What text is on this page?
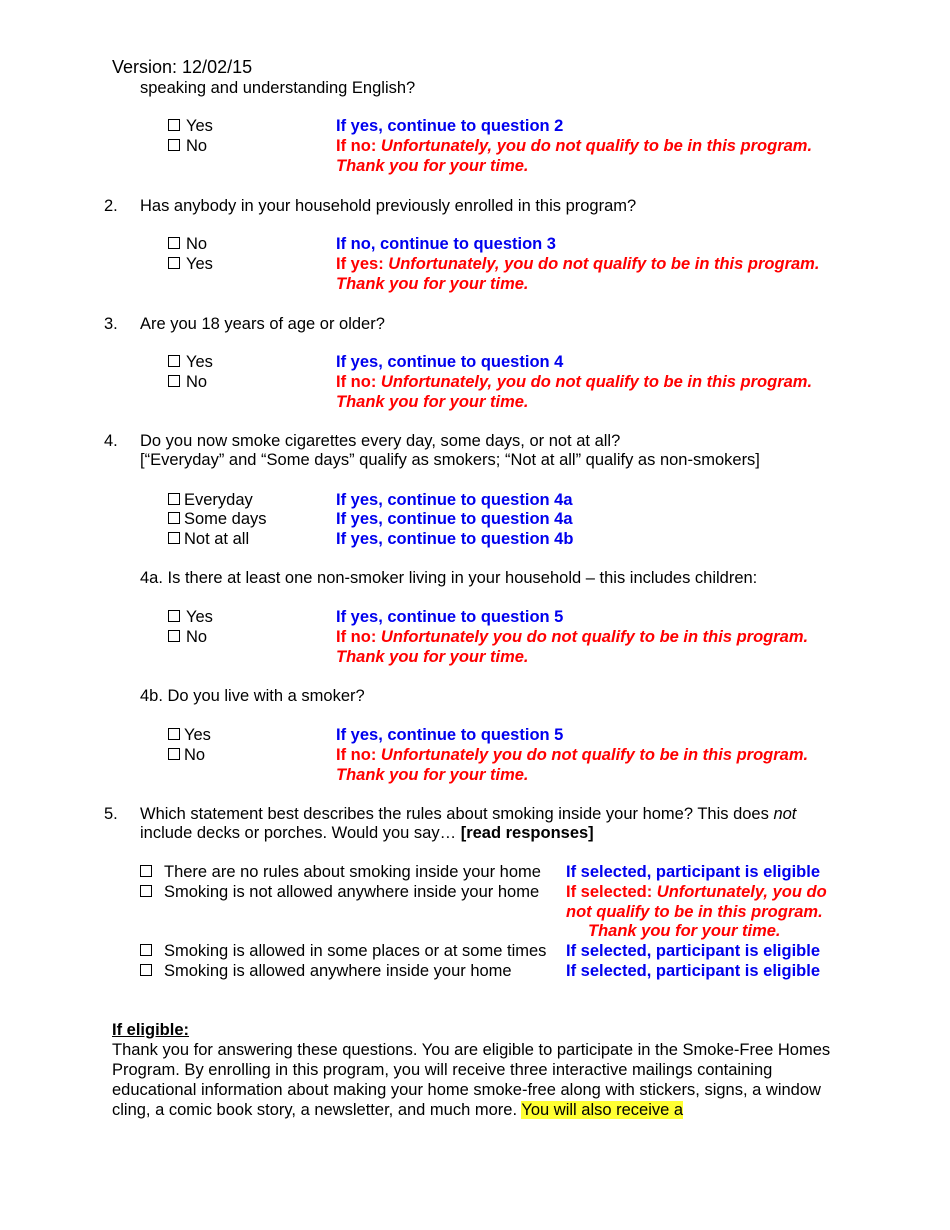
Version: 12/02/15
speaking and understanding English?
Yes
No
If yes, continue to question 2
If no: Unfortunately, you do not qualify to be in this program.
Thank you for your time.
2. Has anybody in your household previously enrolled in this program?
No
Yes
If no, continue to question 3
If yes: Unfortunately, you do not qualify to be in this program.
Thank you for your time.
3. Are you 18 years of age or older?
Yes
No
If yes, continue to question 4
If no: Unfortunately, you do not qualify to be in this program.
Thank you for your time.
4. Do you now smoke cigarettes every day, some days, or not at all?
[“Everyday” and “Some days” qualify as smokers; “Not at all” qualify as non-smokers]
Everyday
Some days
Not at all
If yes, continue to question 4a
If yes, continue to question 4a
If yes, continue to question 4b
4a. Is there at least one non-smoker living in your household – this includes children:
Yes
No
If yes, continue to question 5
If no: Unfortunately you do not qualify to be in this program.
Thank you for your time.
4b. Do you live with a smoker?
Yes
No
If yes, continue to question 5
If no: Unfortunately you do not qualify to be in this program.
Thank you for your time.
5. Which statement best describes the rules about smoking inside your home? This does not
include decks or porches. Would you say… [read responses]
There are no rules about smoking inside your home
Smoking is not allowed anywhere inside your home
Smoking is allowed in some places or at some times
Smoking is allowed anywhere inside your home
If selected, participant is eligible
If selected: Unfortunately, you do
not qualify to be in this program.
Thank you for your time.
If selected, participant is eligible
If selected, participant is eligible
If eligible:
Thank you for answering these questions. You are eligible to participate in the Smoke-Free Homes Program. By enrolling in this program, you will receive three interactive mailings containing educational information about making your home smoke-free along with stickers, signs, a window cling, a comic book story, a newsletter, and much more. You will also receive a
